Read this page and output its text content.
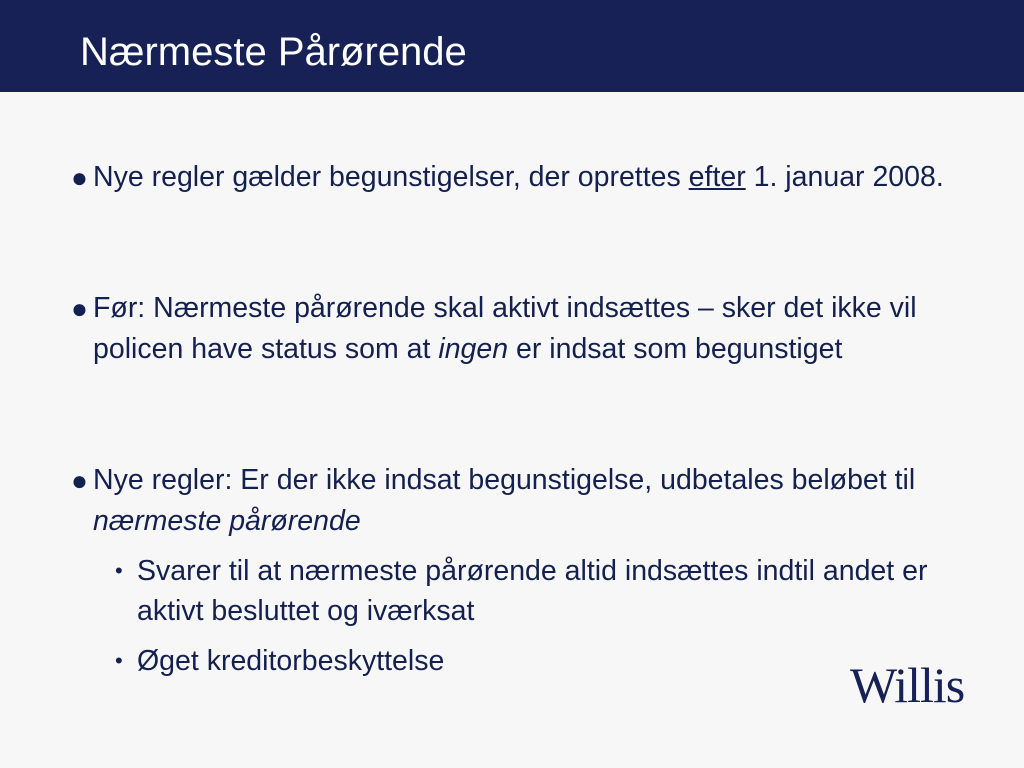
Nærmeste Pårørende
● Nye regler gælder begunstigelser, der oprettes efter 1. januar 2008.
● Før: Nærmeste pårørende skal aktivt indsættes – sker det ikke vil policen have status som at ingen er indsat som begunstiget
● Nye regler: Er der ikke indsat begunstigelse, udbetales beløbet til nærmeste pårørende
• Svarer til at nærmeste pårørende altid indsættes indtil andet er aktivt besluttet og iværksat
• Øget kreditorbeskyttelse	Willis
